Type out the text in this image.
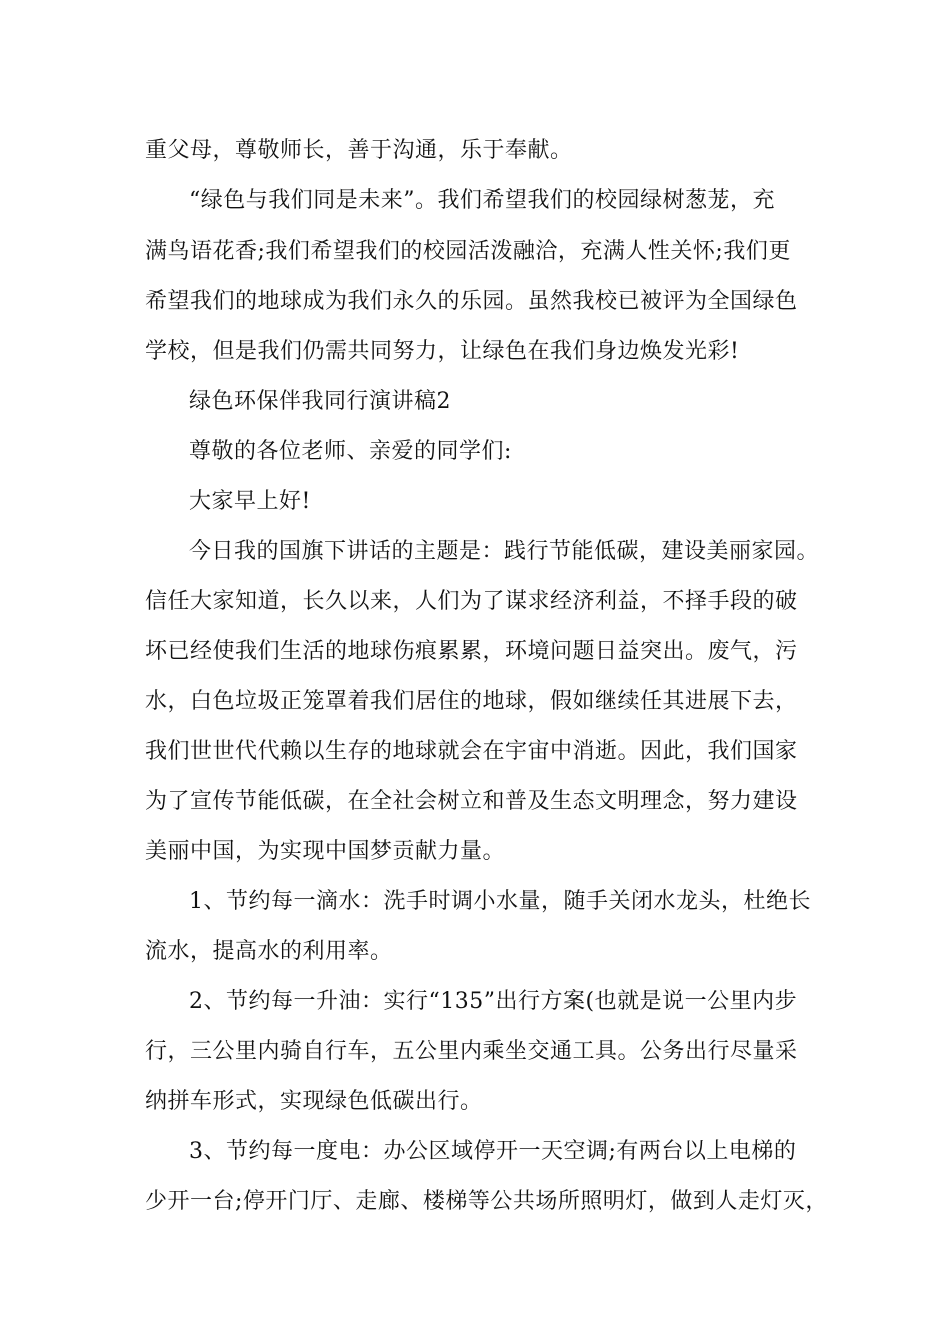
重父母，尊敬师长，善于沟通，乐于奉献。
“绿色与我们同是未来”。我们希望我们的校园绿树葱茏，充
满鸟语花香;我们希望我们的校园活泼融洽，充满人性关怀;我们更
希望我们的地球成为我们永久的乐园。虽然我校已被评为全国绿色
学校，但是我们仍需共同努力，让绿色在我们身边焕发光彩!
绿色环保伴我同行演讲稿2
尊敬的各位老师、亲爱的同学们:
大家早上好!
今日我的国旗下讲话的主题是：践行节能低碳，建设美丽家园。
信任大家知道，长久以来，人们为了谋求经济利益，不择手段的破
坏已经使我们生活的地球伤痕累累，环境问题日益突出。废气，污
水，白色垃圾正笼罩着我们居住的地球，假如继续任其进展下去，
我们世世代代赖以生存的地球就会在宇宙中消逝。因此，我们国家
为了宣传节能低碳，在全社会树立和普及生态文明理念，努力建设
美丽中国，为实现中国梦贡献力量。
1、节约每一滴水：洗手时调小水量，随手关闭水龙头，杜绝长
流水，提高水的利用率。
2、节约每一升油：实行“135”出行方案(也就是说一公里内步
行，三公里内骑自行车，五公里内乘坐交通工具。公务出行尽量采
纳拼车形式，实现绿色低碳出行。
3、节约每一度电：办公区域停开一天空调;有两台以上电梯的
少开一台;停开门厅、走廊、楼梯等公共场所照明灯，做到人走灯灭，
